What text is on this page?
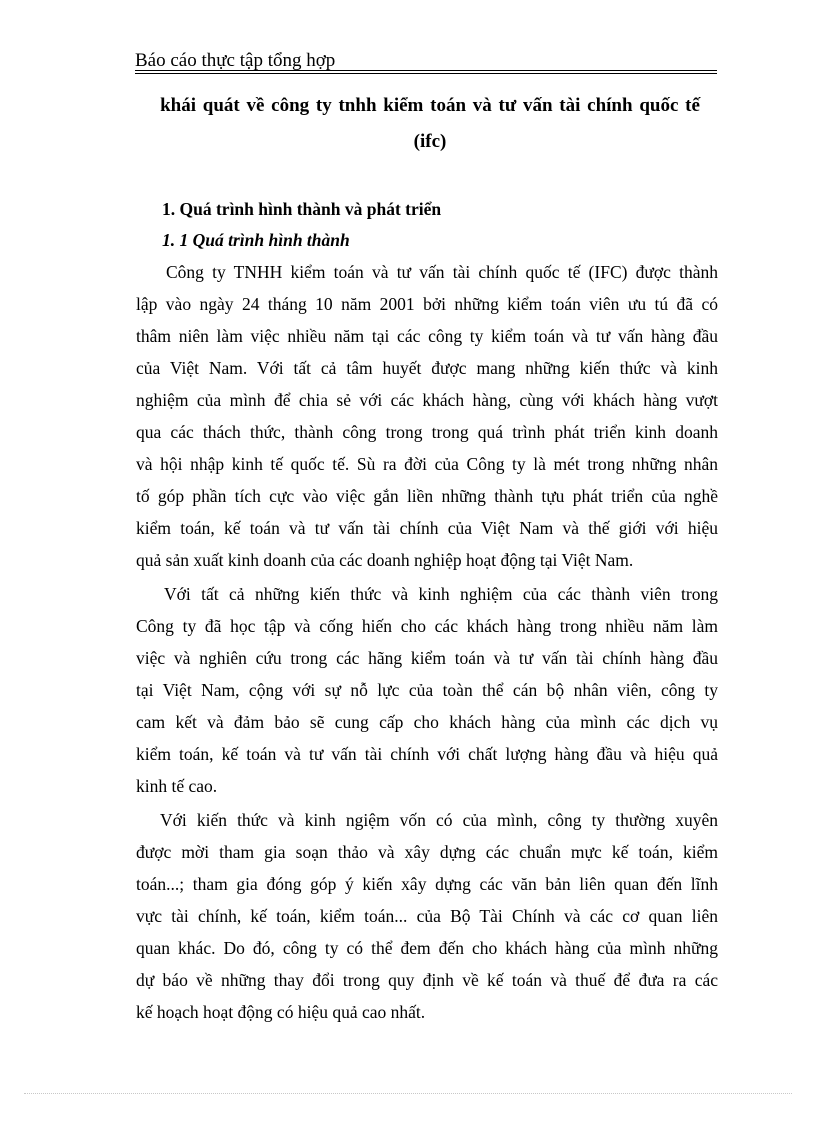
Báo cáo thực tập tổng hợp
khái quát về công ty tnhh kiểm toán và tư vấn tài chính quốc tế
(ifc)
1. Quá trình hình thành và phát triển
1. 1 Quá trình hình thành
Công ty TNHH kiểm toán và tư vấn tài chính quốc tế (IFC) được thành
lập vào ngày 24 tháng 10 năm 2001 bởi những kiểm toán viên ưu tú đã có
thâm niên làm việc nhiều năm tại các công ty kiểm toán và tư vấn hàng đầu
của Việt Nam. Với tất cả tâm huyết được mang những kiến thức và kinh
nghiệm của mình để chia sẻ với các khách hàng, cùng với khách hàng vượt
qua các thách thức, thành công trong trong quá trình phát triển kinh doanh
và hội nhập kinh tế quốc tế. Sù ra đời của Công ty là mét trong những nhân
tố góp phần tích cực vào việc gắn liền những thành tựu phát triển của nghề
kiểm toán, kế toán và tư vấn tài chính của Việt Nam và thế giới với hiệu
quả sản xuất kinh doanh của các doanh nghiệp hoạt động tại Việt Nam.
Với tất cả những kiến thức và kinh nghiệm của các thành viên trong
Công ty đã học tập và cống hiến cho các khách hàng trong nhiều năm làm
việc và nghiên cứu trong các hãng kiểm toán và tư vấn tài chính hàng đầu
tại Việt Nam, cộng với sự nỗ lực của toàn thể cán bộ nhân viên, công ty
cam kết và đảm bảo sẽ cung cấp cho khách hàng của mình các dịch vụ
kiểm toán, kế toán và tư vấn tài chính với chất lượng hàng đầu và hiệu quả
kinh tế cao.
Với kiến thức và kinh ngiệm vốn có của mình, công ty thường xuyên
được mời tham gia soạn thảo và xây dựng các chuẩn mực kế toán, kiểm
toán...; tham gia đóng góp ý kiến xây dựng các văn bản liên quan đến lĩnh
vực tài chính, kế toán, kiểm toán... của Bộ Tài Chính và các cơ quan liên
quan khác. Do đó, công ty có thể đem đến cho khách hàng của mình những
dự báo về những thay đổi trong quy định về kế toán và thuế để đưa ra các
kế hoạch hoạt động có hiệu quả cao nhất.
